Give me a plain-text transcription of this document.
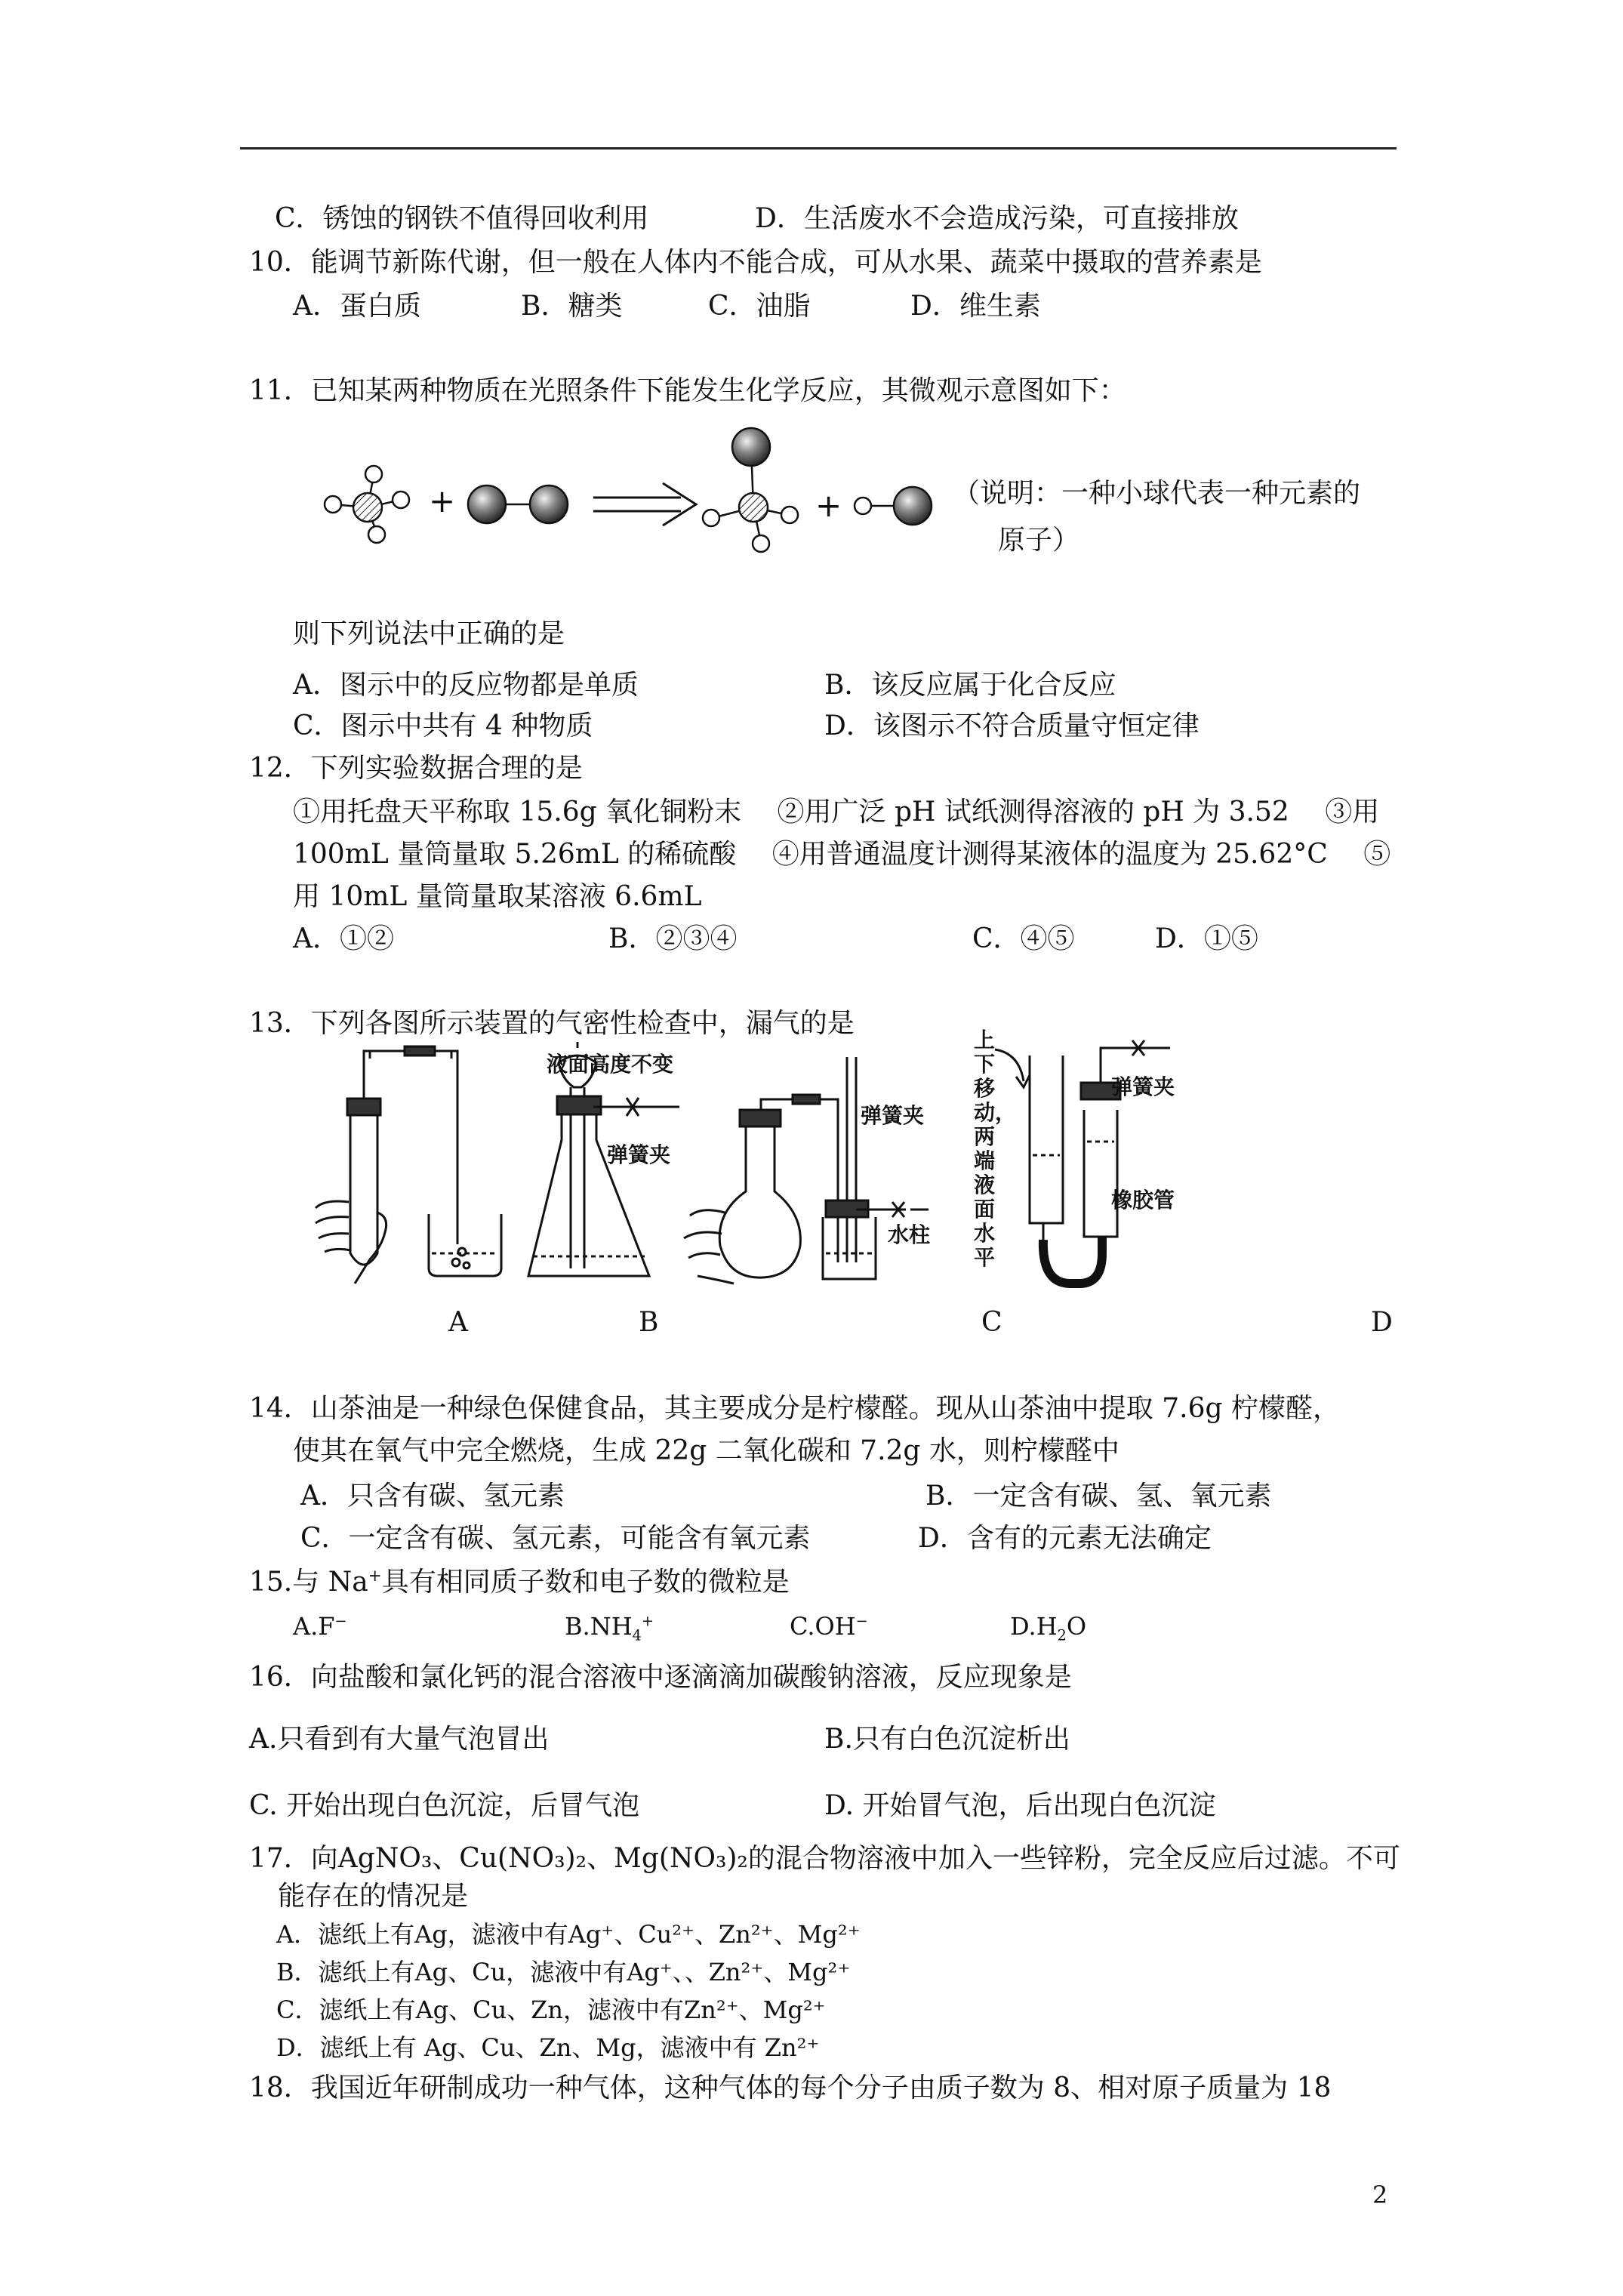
C．锈蚀的钢铁不值得回收利用	D．生活废水不会造成污染，可直接排放
10．能调节新陈代谢，但一般在人体内不能合成，可从水果、蔬菜中摄取的营养素是
A．蛋白质	B．糖类	C．油脂	D．维生素
11．已知某两种物质在光照条件下能发生化学反应，其微观示意图如下：
+	+	（说明：一种小球代表一种元素的
原子）
则下列说法中正确的是
A．图示中的反应物都是单质	B．该反应属于化合反应
C．图示中共有 4 种物质	D．该图示不符合质量守恒定律
12．下列实验数据合理的是
①用托盘天平称取 15.6g 氧化铜粉末　 ②用广泛 pH 试纸测得溶液的 pH 为 3.52　 ③用
100mL 量筒量取 5.26mL 的稀硫酸　 ④用普通温度计测得某液体的温度为 25.62°C　 ⑤
用 10mL 量筒量取某溶液 6.6mL
A．①②	B．②③④	C．④⑤	D．①⑤
13．下列各图所示装置的气密性检查中，漏气的是
液面高度不变
弹簧夹
弹簧夹
水柱
上下移动，两端液面水平
弹簧夹
橡胶管
A	B	C	D
14．山茶油是一种绿色保健食品，其主要成分是柠檬醛。现从山茶油中提取 7.6g 柠檬醛，
使其在氧气中完全燃烧，生成 22g 二氧化碳和 7.2g 水，则柠檬醛中
A．只含有碳、氢元素	B．一定含有碳、氢、氧元素
C．一定含有碳、氢元素，可能含有氧元素	D．含有的元素无法确定
15.与 Na+具有相同质子数和电子数的微粒是
A.F−	$B.NH_4^+$	C.OH−	$D.H_2O$
16．向盐酸和氯化钙的混合溶液中逐滴滴加碳酸钠溶液，反应现象是
A.只看到有大量气泡冒出	B.只有白色沉淀析出
C. 开始出现白色沉淀，后冒气泡	D. 开始冒气泡，后出现白色沉淀
17．向AgNO₃、Cu(NO₃)₂、Mg(NO₃)₂的混合物溶液中加入一些锌粉，完全反应后过滤。不可
能存在的情况是
A．滤纸上有Ag，滤液中有Ag⁺、Cu²⁺、Zn²⁺、Mg²⁺
B．滤纸上有Ag、Cu，滤液中有Ag⁺、、Zn²⁺、Mg²⁺
C．滤纸上有Ag、Cu、Zn，滤液中有Zn²⁺、Mg²⁺
D．滤纸上有 Ag、Cu、Zn、Mg，滤液中有 Zn²⁺
18．我国近年研制成功一种气体，这种气体的每个分子由质子数为 8、相对原子质量为 18
2
